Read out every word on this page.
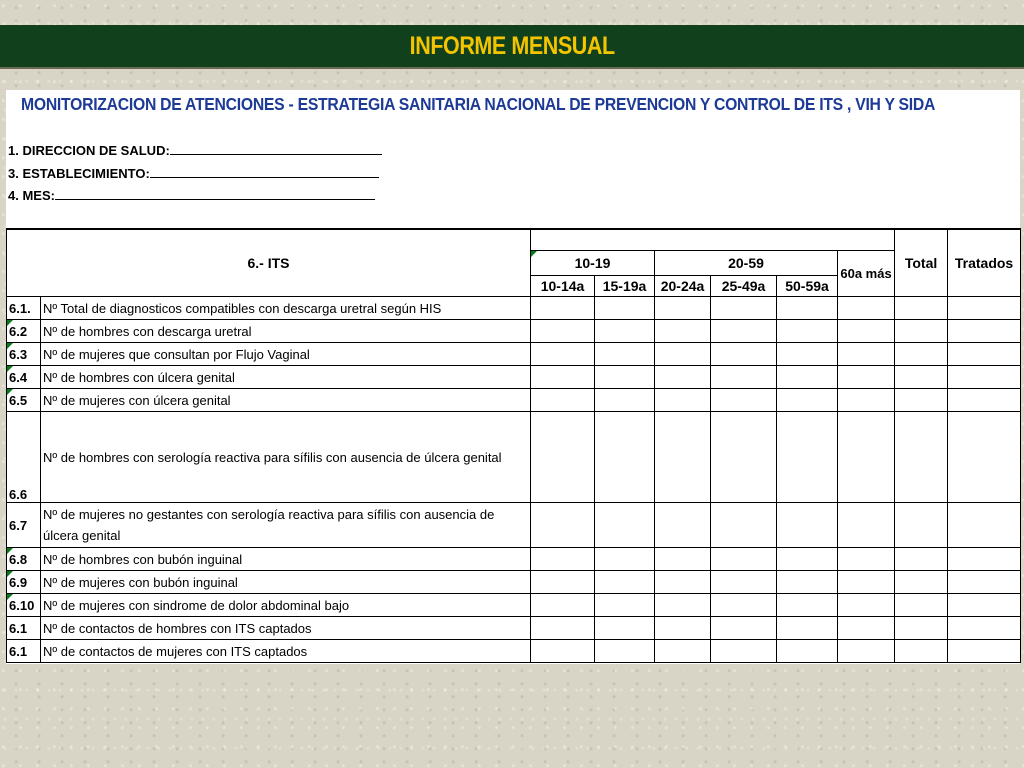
INFORME MENSUAL
MONITORIZACION DE ATENCIONES - ESTRATEGIA SANITARIA NACIONAL DE PREVENCION Y CONTROL DE ITS , VIH Y SIDA
1. DIRECCION DE SALUD:
3. ESTABLECIMIENTO:
4. MES:
6.- ITS								Total	Tratados
		10-19		20-59			60a más		
		10-14a	15-19a	20-24a	25-49a	50-59a			
6.1.	Nº Total de diagnosticos compatibles con descarga uretral según HIS								
6.2	Nº de hombres con descarga uretral								
6.3	Nº de mujeres que consultan por Flujo Vaginal								
6.4	Nº de hombres con úlcera genital								
6.5	Nº de mujeres con úlcera genital								
6.6	Nº de hombres con serología reactiva para sífilis con ausencia de úlcera genital								
6.7	Nº de mujeres no gestantes con serología reactiva para sífilis con ausencia de úlcera genital								
6.8	Nº de hombres con bubón inguinal								
6.9	Nº de mujeres con bubón inguinal								
6.10	Nº de mujeres con sindrome de dolor abdominal bajo								
6.1	Nº de contactos de hombres con ITS captados								
6.1	Nº de contactos de mujeres con ITS captados								
